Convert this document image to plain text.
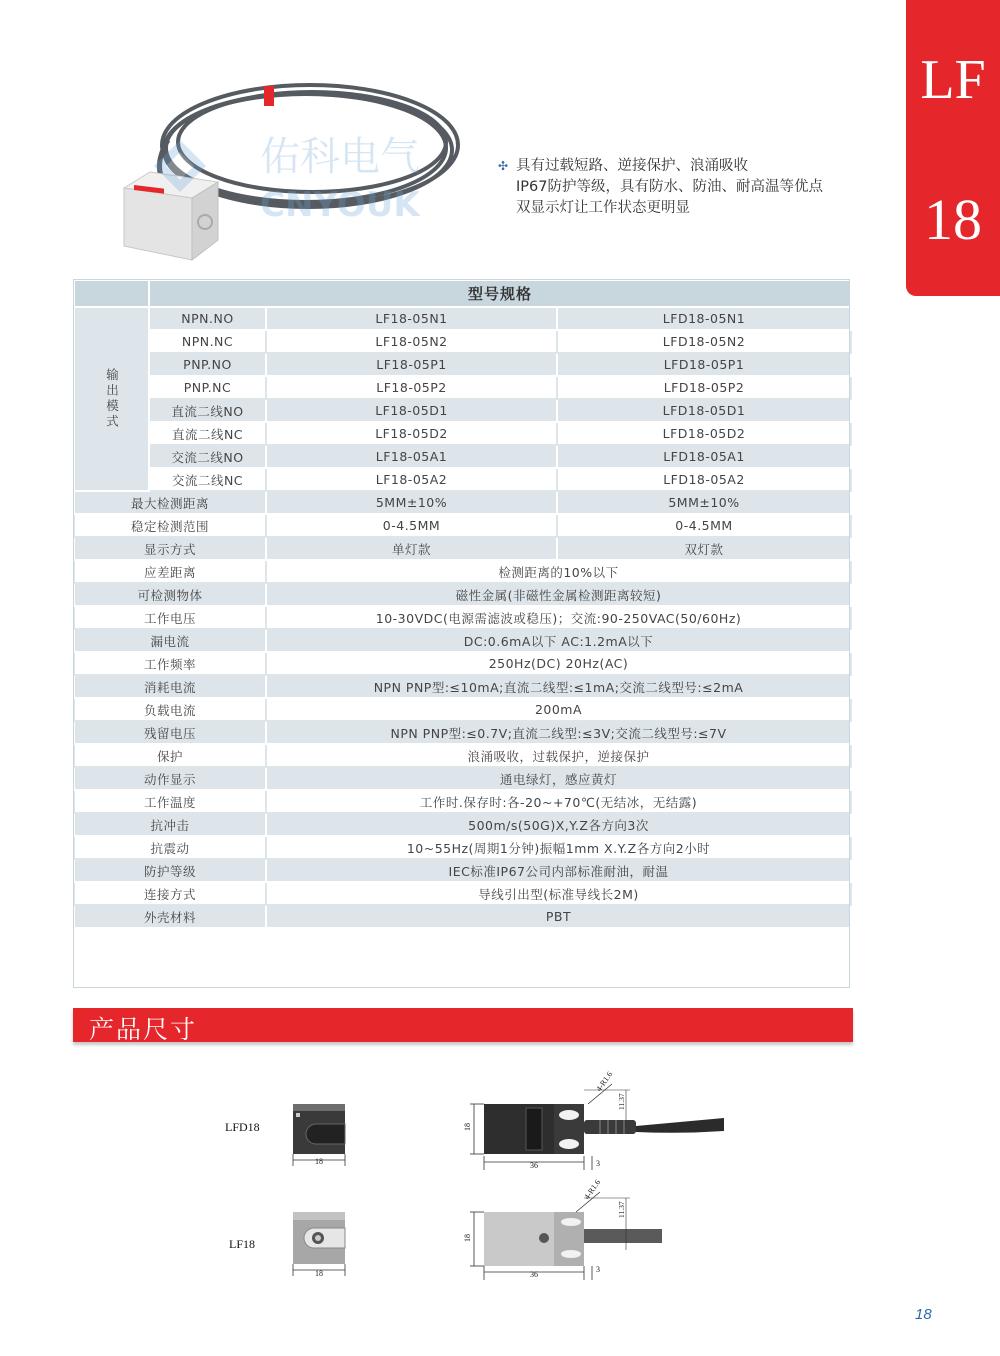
LF
18
佑科电气
CNYOUK
✣ 具有过载短路、逆接保护、浪涌吸收
IP67防护等级，具有防水、防油、耐高温等优点
双显示灯让工作状态更明显
	型号规格		
输出模式	NPN.NO	LF18-05N1	LFD18-05N1
	NPN.NC	LF18-05N2	LFD18-05N2
	PNP.NO	LF18-05P1	LFD18-05P1
	PNP.NC	LF18-05P2	LFD18-05P2
	直流二线NO	LF18-05D1	LFD18-05D1
	直流二线NC	LF18-05D2	LFD18-05D2
	交流二线NO	LF18-05A1	LFD18-05A1
	交流二线NC	LF18-05A2	LFD18-05A2
最大检测距离		5MM±10%	5MM±10%
稳定检测范围		0-4.5MM	0-4.5MM
显示方式		单灯款	双灯款
应差距离		检测距离的10%以下	
可检测物体		磁性金属(非磁性金属检测距离较短)	
工作电压		10-30VDC(电源需滤波或稳压)；交流:90-250VAC(50/60Hz)	
漏电流		DC:0.6mA以下 AC:1.2mA以下	
工作频率		250Hz(DC) 20Hz(AC)	
消耗电流		NPN PNP型:≤10mA;直流二线型:≤1mA;交流二线型号:≤2mA	
负载电流		200mA	
残留电压		NPN PNP型:≤0.7V;直流二线型:≤3V;交流二线型号:≤7V	
保护		浪涌吸收，过载保护，逆接保护	
动作显示		通电绿灯，感应黄灯	
工作温度		工作时.保存时:各-20~+70℃(无结冰，无结露)	
抗冲击		500m/s(50G)X,Y.Z各方向3次	
抗震动		10~55Hz(周期1分钟)振幅1mm X.Y.Z各方向2小时	
防护等级		IEC标准IP67公司内部标准耐油，耐温	
连接方式		导线引出型(标准导线长2M)	
外壳材料		PBT	
产品尺寸
LFD18
LF18
18
18
36	3
4-R1.6
11.37
18
18
36
3
4-R1.6
11.37
18
